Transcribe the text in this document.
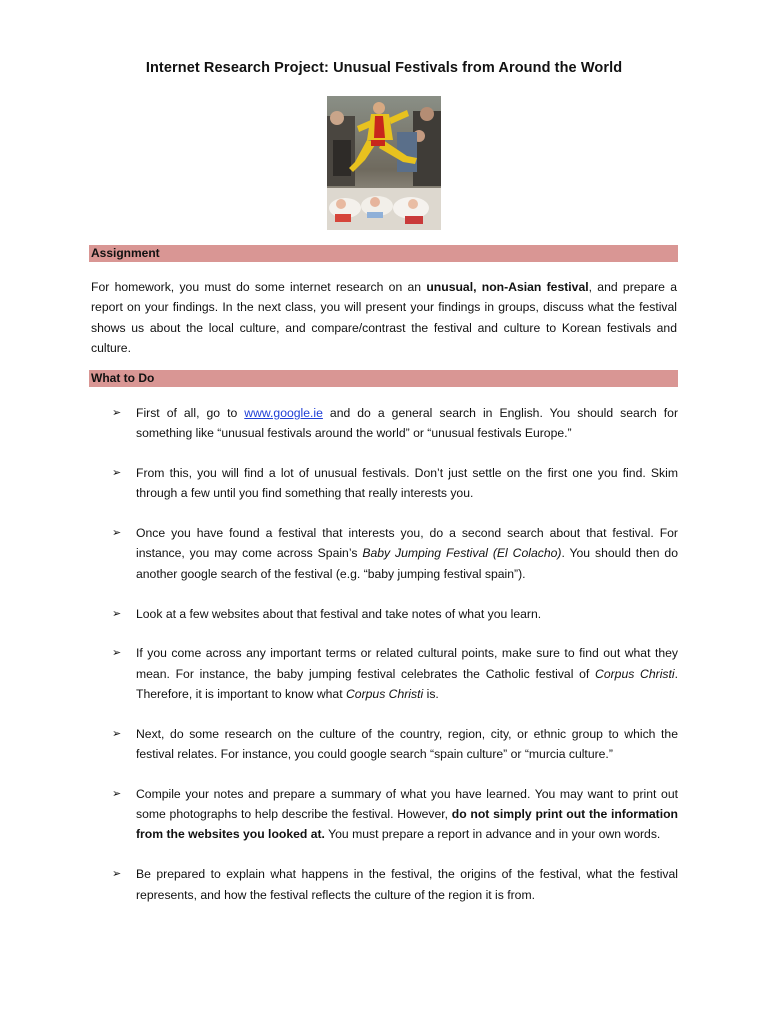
Internet Research Project: Unusual Festivals from Around the World
Assignment
For homework, you must do some internet research on an unusual, non-Asian festival, and prepare a report on your findings. In the next class, you will present your findings in groups, discuss what the festival shows us about the local culture, and compare/contrast the festival and culture to Korean festivals and culture.
What to Do
➢ First of all, go to www.google.ie and do a general search in English. You should search for something like “unusual festivals around the world” or “unusual festivals Europe.”
➢ From this, you will find a lot of unusual festivals. Don’t just settle on the first one you find. Skim through a few until you find something that really interests you.
➢ Once you have found a festival that interests you, do a second search about that festival. For instance, you may come across Spain’s Baby Jumping Festival (El Colacho). You should then do another google search of the festival (e.g. “baby jumping festival spain”).
➢ Look at a few websites about that festival and take notes of what you learn.
➢ If you come across any important terms or related cultural points, make sure to find out what they mean. For instance, the baby jumping festival celebrates the Catholic festival of Corpus Christi. Therefore, it is important to know what Corpus Christi is.
➢ Next, do some research on the culture of the country, region, city, or ethnic group to which the festival relates. For instance, you could google search “spain culture” or “murcia culture.”
➢ Compile your notes and prepare a summary of what you have learned. You may want to print out some photographs to help describe the festival. However, do not simply print out the information from the websites you looked at. You must prepare a report in advance and in your own words.
➢ Be prepared to explain what happens in the festival, the origins of the festival, what the festival represents, and how the festival reflects the culture of the region it is from.
